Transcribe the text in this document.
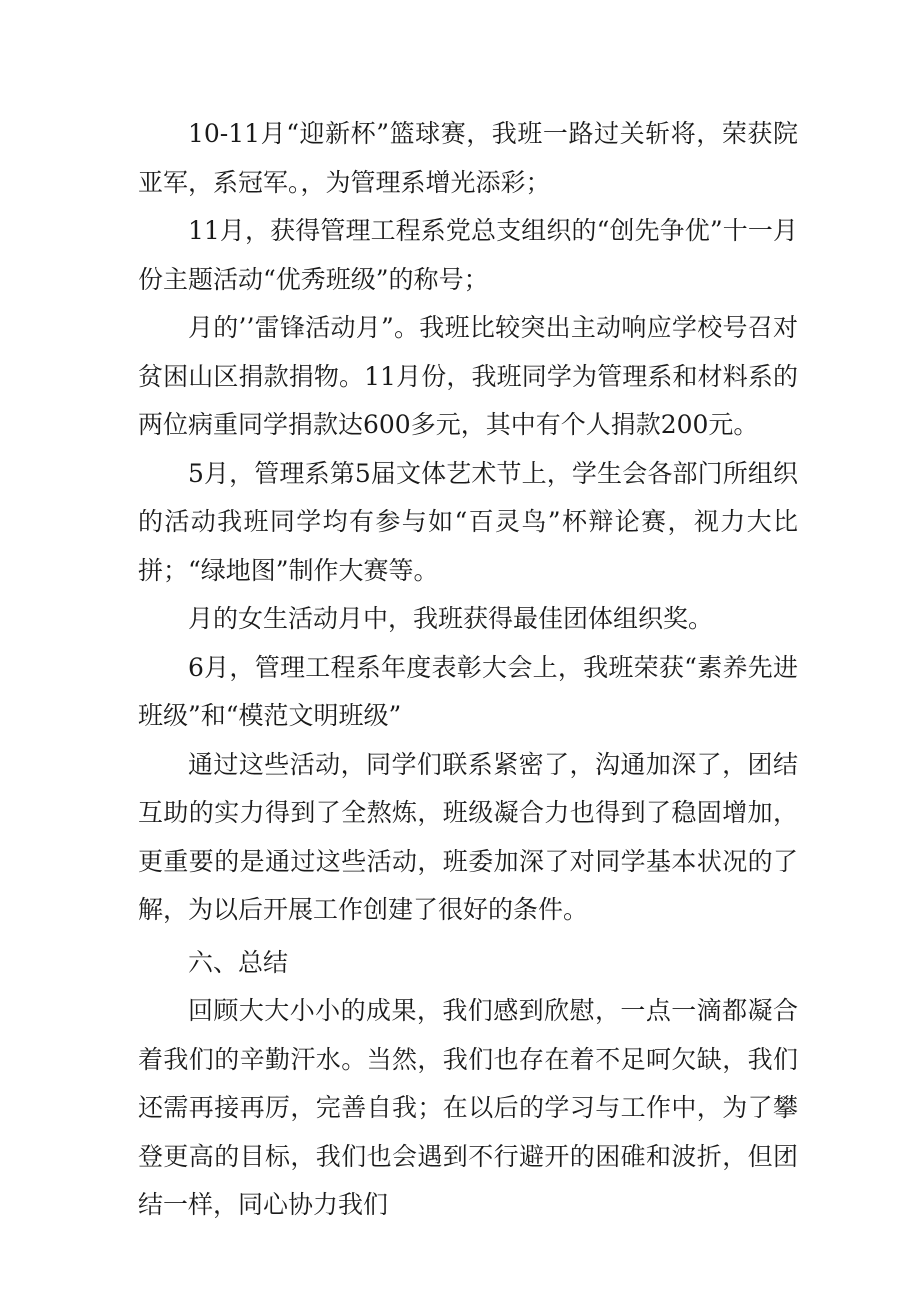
10-11月“迎新杯”篮球赛，我班一路过关斩将，荣获院亚军，系冠军。，为管理系增光添彩；

11月，获得管理工程系党总支组织的“创先争优”十一月份主题活动“优秀班级”的称号；

月的’’雷锋活动月”。我班比较突出主动响应学校号召对贫困山区捐款捐物。11月份，我班同学为管理系和材料系的两位病重同学捐款达600多元，其中有个人捐款200元。

5月，管理系第5届文体艺术节上，学生会各部门所组织的活动我班同学均有参与如“百灵鸟”杯辩论赛，视力大比拼；“绿地图”制作大赛等。

月的女生活动月中，我班获得最佳团体组织奖。

6月，管理工程系年度表彰大会上，我班荣获“素养先进班级”和“模范文明班级”

通过这些活动，同学们联系紧密了，沟通加深了，团结互助的实力得到了全熬炼，班级凝合力也得到了稳固增加，更重要的是通过这些活动，班委加深了对同学基本状况的了解，为以后开展工作创建了很好的条件。

六、总结

回顾大大小小的成果，我们感到欣慰，一点一滴都凝合着我们的辛勤汗水。当然，我们也存在着不足呵欠缺，我们还需再接再厉，完善自我；在以后的学习与工作中，为了攀登更高的目标，我们也会遇到不行避开的困碓和波折，但团结一样，同心协力我们
